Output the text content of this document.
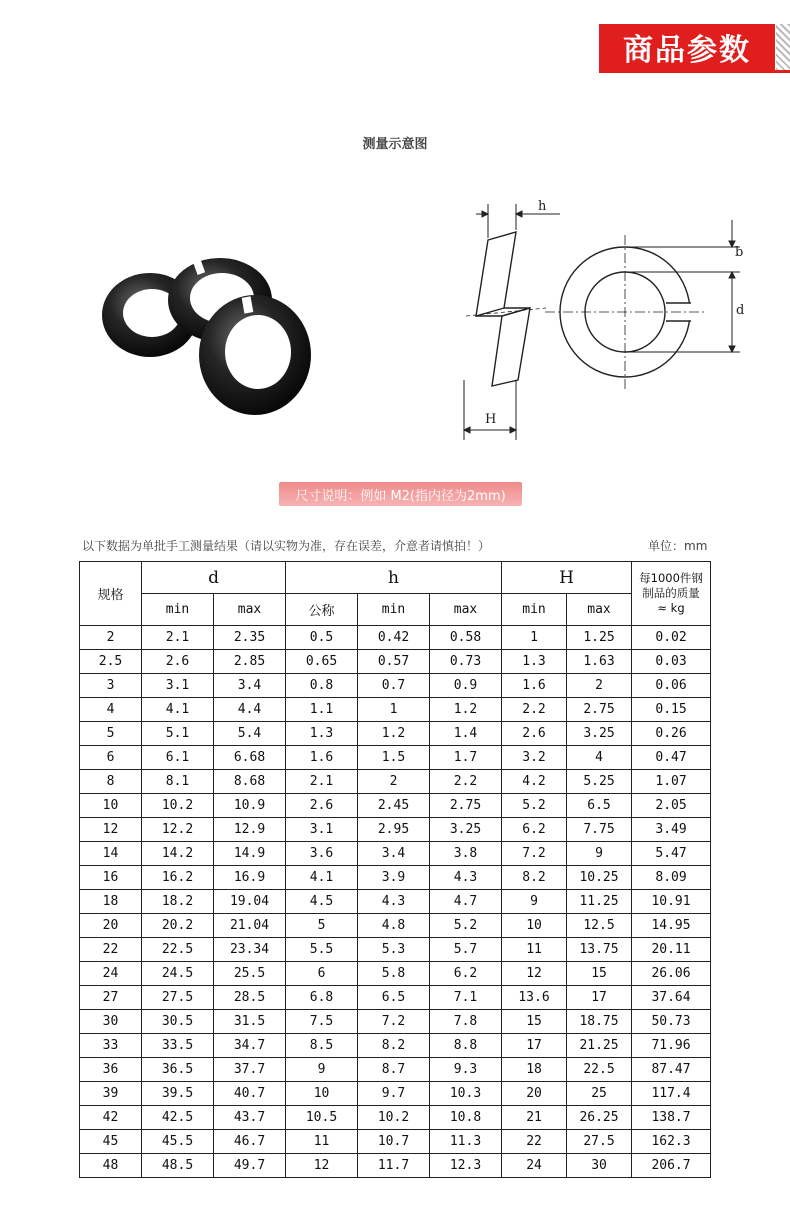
商品参数
测量示意图
h
b
d
H
尺寸说明：例如 M2(指内径为2mm)
以下数据为单批手工测量结果（请以实物为准，存在误差，介意者请慎拍！）	单位：mm
规格	d		h			H		每1000件钢
制品的质量
≈ kg

	min	max	公称	min	max	min	max	
2	2.1	2.35	0.5	0.42	0.58	1	1.25	0.02
2.5	2.6	2.85	0.65	0.57	0.73	1.3	1.63	0.03
3	3.1	3.4	0.8	0.7	0.9	1.6	2	0.06
4	4.1	4.4	1.1	1	1.2	2.2	2.75	0.15
5	5.1	5.4	1.3	1.2	1.4	2.6	3.25	0.26
6	6.1	6.68	1.6	1.5	1.7	3.2	4	0.47
8	8.1	8.68	2.1	2	2.2	4.2	5.25	1.07
10	10.2	10.9	2.6	2.45	2.75	5.2	6.5	2.05
12	12.2	12.9	3.1	2.95	3.25	6.2	7.75	3.49
14	14.2	14.9	3.6	3.4	3.8	7.2	9	5.47
16	16.2	16.9	4.1	3.9	4.3	8.2	10.25	8.09
18	18.2	19.04	4.5	4.3	4.7	9	11.25	10.91
20	20.2	21.04	5	4.8	5.2	10	12.5	14.95
22	22.5	23.34	5.5	5.3	5.7	11	13.75	20.11
24	24.5	25.5	6	5.8	6.2	12	15	26.06
27	27.5	28.5	6.8	6.5	7.1	13.6	17	37.64
30	30.5	31.5	7.5	7.2	7.8	15	18.75	50.73
33	33.5	34.7	8.5	8.2	8.8	17	21.25	71.96
36	36.5	37.7	9	8.7	9.3	18	22.5	87.47
39	39.5	40.7	10	9.7	10.3	20	25	117.4
42	42.5	43.7	10.5	10.2	10.8	21	26.25	138.7
45	45.5	46.7	11	10.7	11.3	22	27.5	162.3
48	48.5	49.7	12	11.7	12.3	24	30	206.7
